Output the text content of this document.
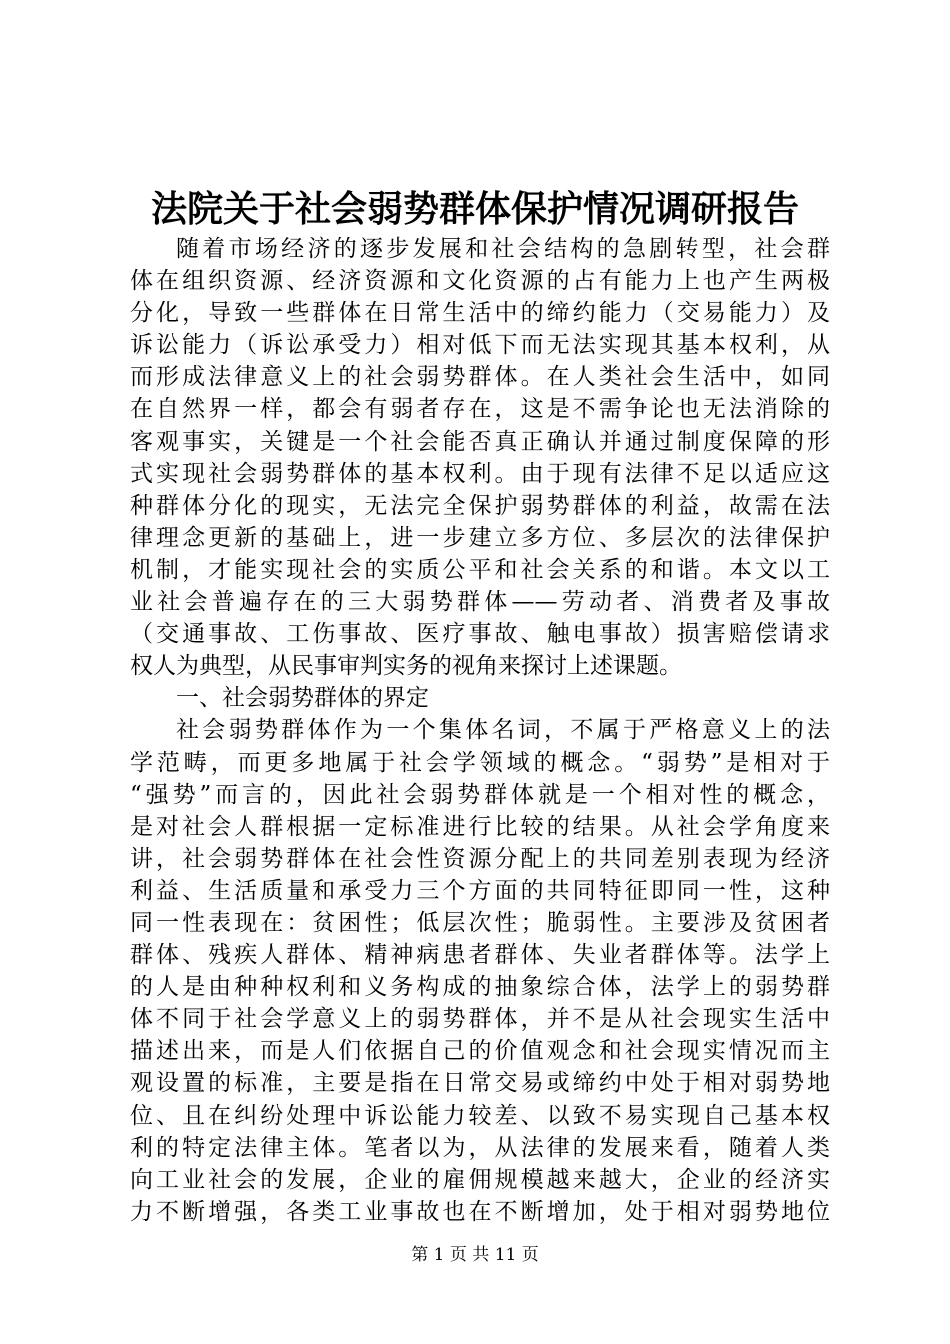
法院关于社会弱势群体保护情况调研报告
随着市场经济的逐步发展和社会结构的急剧转型，社会群
体在组织资源、经济资源和文化资源的占有能力上也产生两极
分化，导致一些群体在日常生活中的缔约能力（交易能力）及
诉讼能力（诉讼承受力）相对低下而无法实现其基本权利，从
而形成法律意义上的社会弱势群体。在人类社会生活中，如同
在自然界一样，都会有弱者存在，这是不需争论也无法消除的
客观事实，关键是一个社会能否真正确认并通过制度保障的形
式实现社会弱势群体的基本权利。由于现有法律不足以适应这
种群体分化的现实，无法完全保护弱势群体的利益，故需在法
律理念更新的基础上，进一步建立多方位、多层次的法律保护
机制，才能实现社会的实质公平和社会关系的和谐。本文以工
业社会普遍存在的三大弱势群体——劳动者、消费者及事故
（交通事故、工伤事故、医疗事故、触电事故）损害赔偿请求
权人为典型，从民事审判实务的视角来探讨上述课题。
一、社会弱势群体的界定
社会弱势群体作为一个集体名词，不属于严格意义上的法
学范畴，而更多地属于社会学领域的概念。“弱势”是相对于
“强势”而言的，因此社会弱势群体就是一个相对性的概念，
是对社会人群根据一定标准进行比较的结果。从社会学角度来
讲，社会弱势群体在社会性资源分配上的共同差别表现为经济
利益、生活质量和承受力三个方面的共同特征即同一性，这种
同一性表现在：贫困性；低层次性；脆弱性。主要涉及贫困者
群体、残疾人群体、精神病患者群体、失业者群体等。法学上
的人是由种种权利和义务构成的抽象综合体，法学上的弱势群
体不同于社会学意义上的弱势群体，并不是从社会现实生活中
描述出来，而是人们依据自己的价值观念和社会现实情况而主
观设置的标准，主要是指在日常交易或缔约中处于相对弱势地
位、且在纠纷处理中诉讼能力较差、以致不易实现自己基本权
利的特定法律主体。笔者以为，从法律的发展来看，随着人类
向工业社会的发展，企业的雇佣规模越来越大，企业的经济实
力不断增强，各类工业事故也在不断增加，处于相对弱势地位
第 1 页 共 11 页
